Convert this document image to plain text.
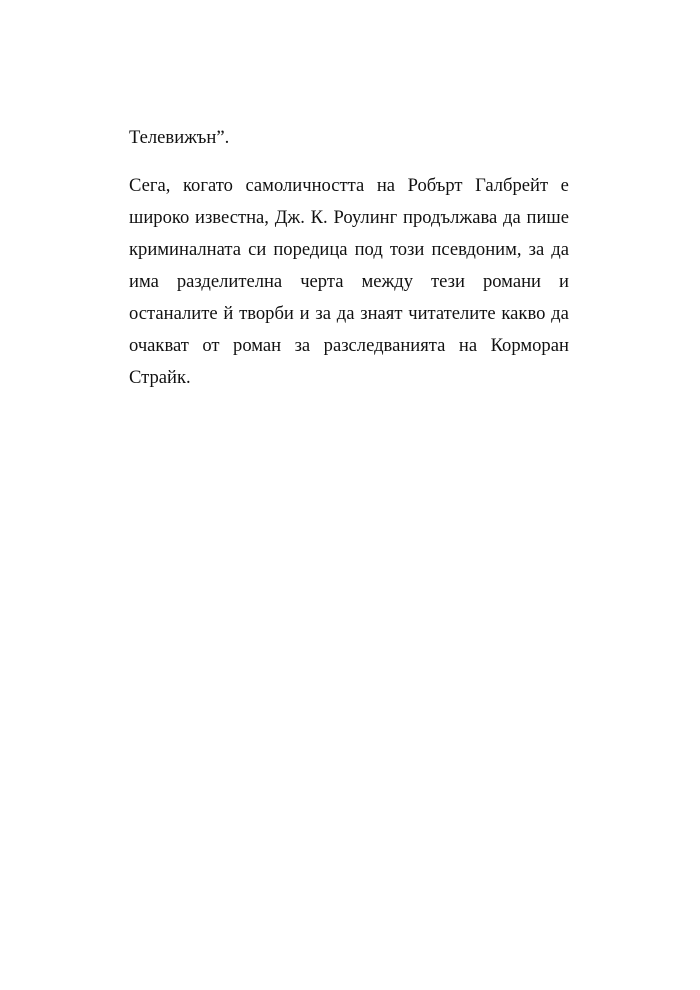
Телевижън”.

Сега, когато самоличността на Робърт Галбрейт е

широко известна, Дж. К. Роулинг продължава да пише

криминалната си поредица под този псевдоним, за да

има разделителна черта между тези романи и

останалите й творби и за да знаят читателите какво да

очакват от роман за разследванията на Корморан

Страйк.
